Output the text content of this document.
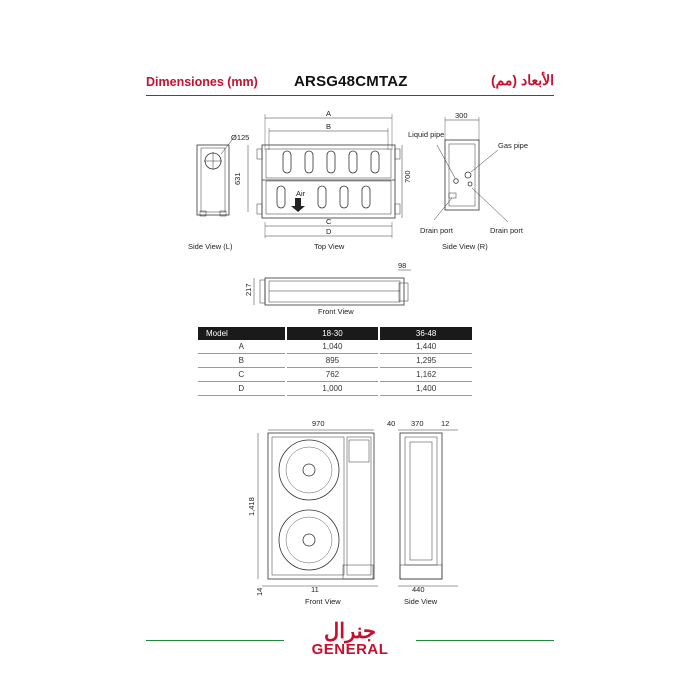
Dimensiones (mm) ARSG48CMTAZ	الأبعاد (مم)
A
B
C
D
Ø125
631	700
300
Liquid pipe
Gas pipe
Drain port	Drain port
Air
Side View (L)	Top View	Side View (R)
217
98
Front View
970
1,418
40 370 12
440
14	11
Front View	Side View
Model	18-30	36-48
A	1,040	1,440
B	895	1,295
C	762	1,162
D	1,000	1,400
جنرال
GENERAL
